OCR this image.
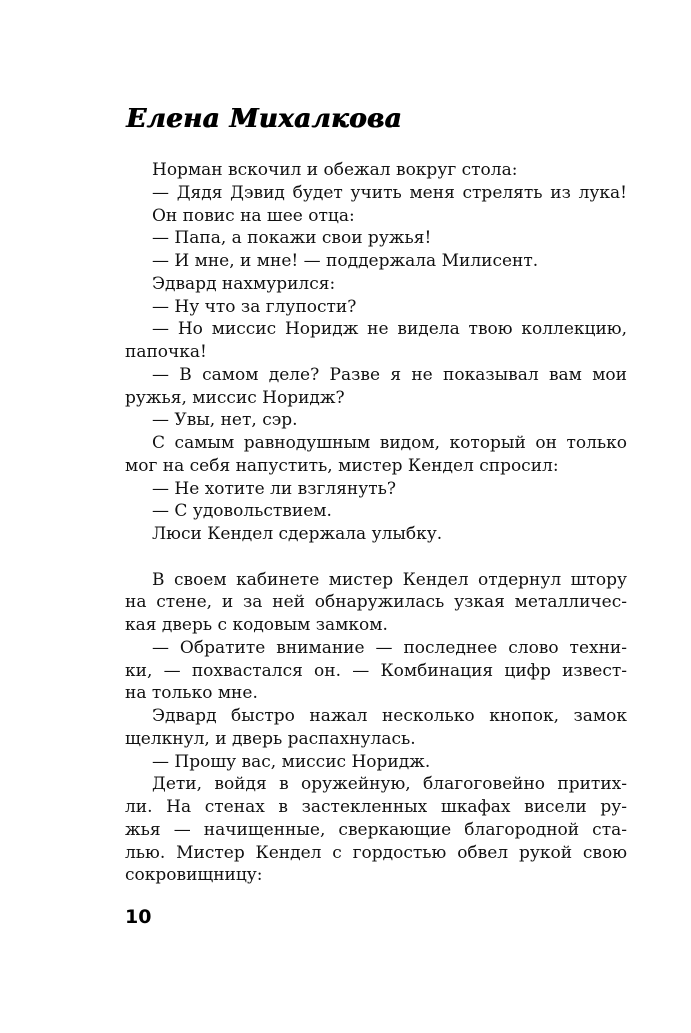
Елена Михалкова
Норман вскочил и обежал вокруг стола:
— Дядя Дэвид будет учить меня стрелять из лука!
Он повис на шее отца:
— Папа, а покажи свои ружья!
— И мне, и мне! — поддержала Милисент.
Эдвард нахмурился:
— Ну что за глупости?
— Но миссис Норидж не видела твою коллекцию,
папочка!
— В самом деле? Разве я не показывал вам мои
ружья, миссис Норидж?
— Увы, нет, сэр.
С самым равнодушным видом, который он только
мог на себя напустить, мистер Кендел спросил:
— Не хотите ли взглянуть?
— С удовольствием.
Люси Кендел сдержала улыбку.
В своем кабинете мистер Кендел отдернул штору
на стене, и за ней обнаружилась узкая металличес-
кая дверь с кодовым замком.
— Обратите внимание — последнее слово техни-
ки, — похвастался он. — Комбинация цифр извест-
на только мне.
Эдвард быстро нажал несколько кнопок, замок
щелкнул, и дверь распахнулась.
— Прошу вас, миссис Норидж.
Дети, войдя в оружейную, благоговейно притих-
ли. На стенах в застекленных шкафах висели ру-
жья — начищенные, сверкающие благородной ста-
лью. Мистер Кендел с гордостью обвел рукой свою
сокровищницу:
10
